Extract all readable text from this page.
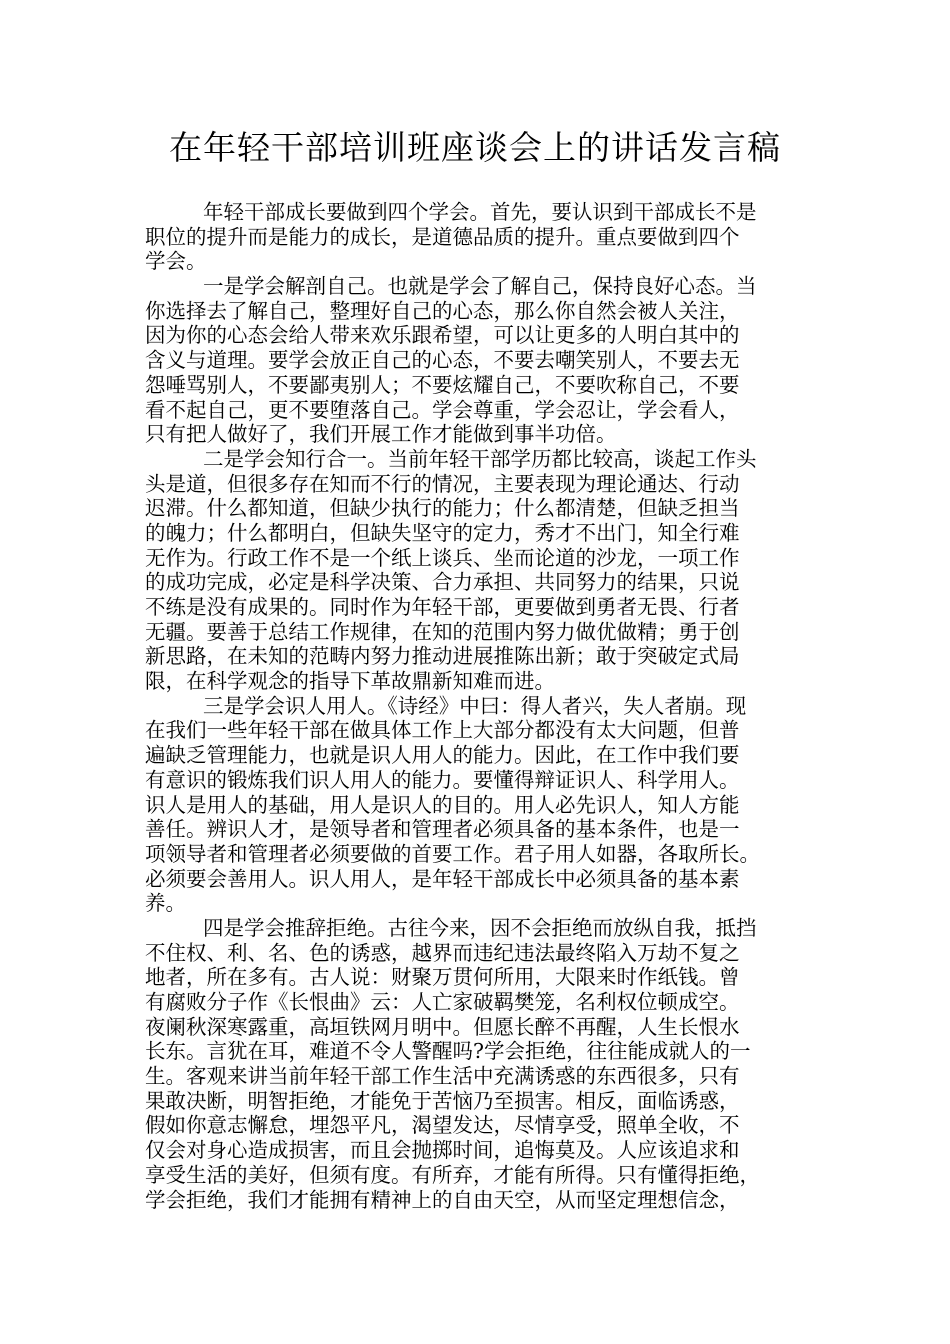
在年轻干部培训班座谈会上的讲话发言稿
年轻干部成长要做到四个学会。首先，要认识到干部成长不是
职位的提升而是能力的成长，是道德品质的提升。重点要做到四个
学会。
一是学会解剖自己。也就是学会了解自己，保持良好心态。当
你选择去了解自己，整理好自己的心态，那么你自然会被人关注，
因为你的心态会给人带来欢乐跟希望，可以让更多的人明白其中的
含义与道理。要学会放正自己的心态，不要去嘲笑别人，不要去无
怨唾骂别人，不要鄙夷别人；不要炫耀自己，不要吹称自己，不要
看不起自己，更不要堕落自己。学会尊重，学会忍让，学会看人，
只有把人做好了，我们开展工作才能做到事半功倍。
二是学会知行合一。当前年轻干部学历都比较高，谈起工作头
头是道，但很多存在知而不行的情况，主要表现为理论通达、行动
迟滞。什么都知道，但缺少执行的能力；什么都清楚，但缺乏担当
的魄力；什么都明白，但缺失坚守的定力，秀才不出门，知全行难
无作为。行政工作不是一个纸上谈兵、坐而论道的沙龙，一项工作
的成功完成，必定是科学决策、合力承担、共同努力的结果，只说
不练是没有成果的。同时作为年轻干部，更要做到勇者无畏、行者
无疆。要善于总结工作规律，在知的范围内努力做优做精；勇于创
新思路，在未知的范畴内努力推动进展推陈出新；敢于突破定式局
限，在科学观念的指导下革故鼎新知难而进。
三是学会识人用人。《诗经》中曰：得人者兴，失人者崩。现
在我们一些年轻干部在做具体工作上大部分都没有太大问题，但普
遍缺乏管理能力，也就是识人用人的能力。因此，在工作中我们要
有意识的锻炼我们识人用人的能力。要懂得辩证识人、科学用人。
识人是用人的基础，用人是识人的目的。用人必先识人，知人方能
善任。辨识人才，是领导者和管理者必须具备的基本条件，也是一
项领导者和管理者必须要做的首要工作。君子用人如器，各取所长。
必须要会善用人。识人用人，是年轻干部成长中必须具备的基本素
养。
四是学会推辞拒绝。古往今来，因不会拒绝而放纵自我，抵挡
不住权、利、名、色的诱惑，越界而违纪违法最终陷入万劫不复之
地者，所在多有。古人说：财聚万贯何所用，大限来时作纸钱。曾
有腐败分子作《长恨曲》云：人亡家破羁樊笼，名利权位顿成空。
夜阑秋深寒露重，高垣铁网月明中。但愿长醉不再醒，人生长恨水
长东。言犹在耳，难道不令人警醒吗?学会拒绝，往往能成就人的一
生。客观来讲当前年轻干部工作生活中充满诱惑的东西很多，只有
果敢决断，明智拒绝，才能免于苦恼乃至损害。相反，面临诱惑，
假如你意志懈怠，埋怨平凡，渴望发达，尽情享受，照单全收，不
仅会对身心造成损害，而且会抛掷时间，追悔莫及。人应该追求和
享受生活的美好，但须有度。有所弃，才能有所得。只有懂得拒绝，
学会拒绝，我们才能拥有精神上的自由天空，从而坚定理想信念，
